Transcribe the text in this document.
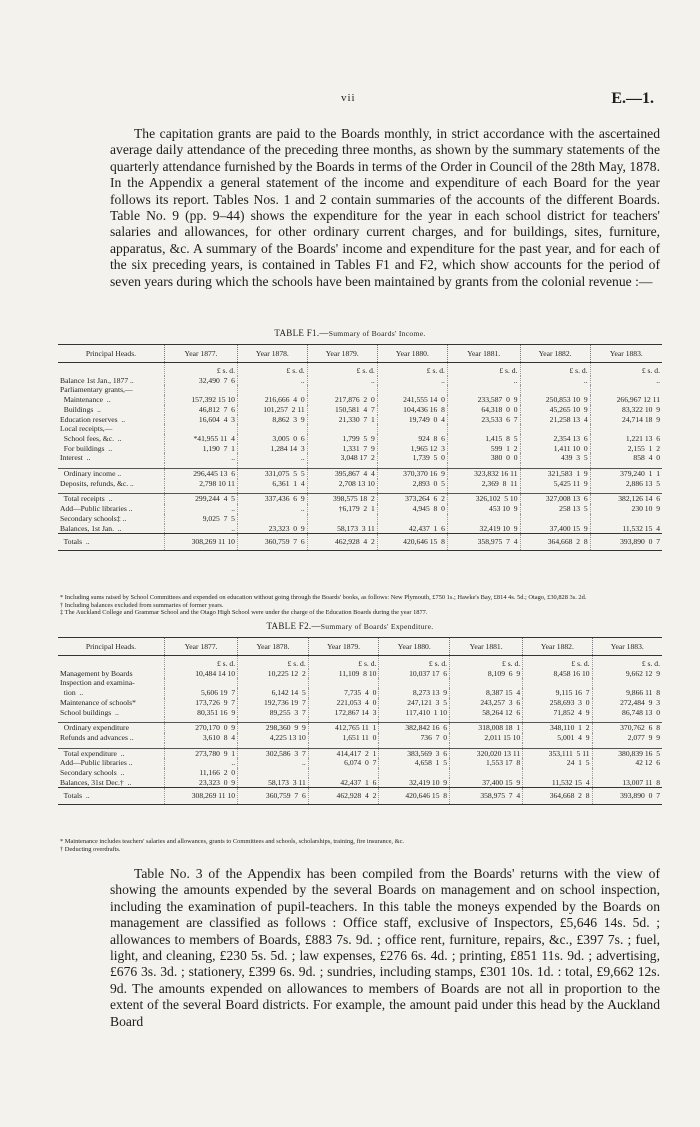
vii	E.—1.

The capitation grants are paid to the Boards monthly, in strict accordance with the ascertained average daily attendance of the preceding three months, as shown by the summary statements of the quarterly attendance furnished by the Boards in terms of the Order in Council of the 28th May, 1878. In the Appendix a general statement of the income and expenditure of each Board for the year follows its report. Tables Nos. 1 and 2 contain summaries of the accounts of the different Boards. Table No. 9 (pp. 9–44) shows the expenditure for the year in each school district for teachers' salaries and allowances, for other ordinary current charges, and for buildings, sites, furniture, apparatus, &c. A summary of the Boards' income and expenditure for the past year, and for each of the six preceding years, is contained in Tables F1 and F2, which show accounts for the period of seven years during which the schools have been maintained by grants from the colonial revenue :—

TABLE F1.—Summary of Boards' Income.
Principal Heads.	Year 1877.	Year 1878.	Year 1879.	Year 1880.	Year 1881.	Year 1882.	Year 1883.
	£ s. d.	£ s. d.	£ s. d.	£ s. d.	£ s. d.	£ s. d.	£ s. d.
Balance 1st Jan., 1877 ..	32,490  7  6	..	..	..	..	..	..
Parliamentary grants,—							
Maintenance  ..	157,392 15 10	216,666  4  0	217,876  2  0	241,555 14  0	233,587  0  9	250,853 10  9	266,967 12 11
Buildings  ..	46,812  7  6	101,257  2 11	150,581  4  7	104,436 16  8	64,318  0  0	45,265 10  9	83,322 10  9
Education reserves  ..	16,604  4  3	8,862  3  9	21,330  7  1	19,749  0  4	23,533  6  7	21,258 13  4	24,714 18  9
Local receipts,—							
School fees, &c.  ..	*41,955 11  4	3,005  0  6	1,799  5  9	924  8  6	1,415  8  5	2,354 13  6	1,221 13  6
For buildings  ..	1,190  7  1	1,284 14  3	1,331  7  9	1,965 12  3	599  1  2	1,411 10  0	2,155  1  2
Interest  ..	..	..	3,048 17  2	1,739  5  0	380  0  0	439  3  5	858  4  0

Ordinary income ..	296,445 13  6	331,075  5  5	395,867  4  4	370,370 16  9	323,832 16 11	321,583  1  9	379,240  1  1
Deposits, refunds, &c. ..	2,798 10 11	6,361  1  4	2,708 13 10	2,893  0  5	2,369  8  11	5,425 11  9	2,886 13  5

Total receipts  ..	299,244  4  5	337,436  6  9	398,575 18  2	373,264  6  2	326,102  5 10	327,008 13  6	382,126 14  6
Add—Public libraries ..	..	..	†6,179  2  1	4,945  8  0	453 10  9	258 13  5	230 10  9
Secondary schools‡ ..	9,025  7  5						
Balances, 1st Jan.  ..	..	23,323  0  9	58,173  3 11	42,437  1  6	32,419 10  9	37,400 15  9	11,532 15  4
Totals  ..	308,269 11 10	360,759  7  6	462,928  4  2	420,646 15  8	358,975  7  4	364,668  2  8	393,890  0  7
* Including sums raised by School Committees and expended on education without going through the Boards' books, as follows: New Plymouth, £750 1s.; Hawke's Bay, £814 4s. 5d.; Otago, £30,828 3s. 2d.
† Including balances excluded from summaries of former years.
‡ The Auckland College and Grammar School and the Otago High School were under the charge of the Education Boards during the year 1877.
TABLE F2.—Summary of Boards' Expenditure.
Principal Heads.	Year 1877.	Year 1878.	Year 1879.	Year 1880.	Year 1881.	Year 1882.	Year 1883.
	£ s. d.	£ s. d.	£ s. d.	£ s. d.	£ s. d.	£ s. d.	£ s. d.
Management by Boards	10,484 14 10	10,225 12  2	11,109  8 10	10,037 17  6	8,109  6  9	8,458 16 10	9,662 12  9
Inspection and examina-							
tion  ..	5,606 19  7	6,142 14  5	7,735  4  0	8,273 13  9	8,387 15  4	9,115 16  7	9,866 11  8
Maintenance of schools*	173,726  9  7	192,736 19  7	221,053  4  0	247,121  3  5	243,257  3  6	258,693  3  0	272,484  9  3
School buildings  ..	80,351 16  9	89,255  3  7	172,867 14  3	117,410  1 10	58,264 12  6	71,852  4  9	86,748 13  0

Ordinary expenditure	270,170  0  9	298,360  9  9	412,765 11  1	382,842 16  6	318,008 18  1	348,110  1  2	370,762  6  8
Refunds and advances ..	3,610  8  4	4,225 13 10	1,651 11  0	736  7  0	2,011 15 10	5,001  4  9	2,077  9  9

Total expenditure  ..	273,780  9  1	302,586  3  7	414,417  2  1	383,569  3  6	320,020 13 11	353,111  5 11	380,839 16  5
Add—Public libraries ..	..	..	6,074  0  7	4,658  1  5	1,553 17  8	24  1  5	42 12  6
Secondary schools  ..	11,166  2  0						
Balances, 31st Dec.†  ..	23,323  0  9	58,173  3 11	42,437  1  6	32,419 10  9	37,400 15  9	11,532 15  4	13,007 11  8
Totals  ..	308,269 11 10	360,759  7  6	462,928  4  2	420,646 15  8	358,975  7  4	364,668  2  8	393,890  0  7
* Maintenance includes teachers' salaries and allowances, grants to Committees and schools, scholarships, training, fire insurance, &c.
† Deducting overdrafts.

Table No. 3 of the Appendix has been compiled from the Boards' returns with the view of showing the amounts expended by the several Boards on management and on school inspection, including the examination of pupil-teachers. In this table the moneys expended by the Boards on management are classified as follows : Office staff, exclusive of Inspectors, £5,646 14s. 5d. ; allowances to members of Boards, £883 7s. 9d. ; office rent, furniture, repairs, &c., £397 7s. ; fuel, light, and cleaning, £230 5s. 5d. ; law expenses, £276 6s. 4d. ; printing, £851 11s. 9d. ; advertising, £676 3s. 3d. ; stationery, £399 6s. 9d. ; sundries, including stamps, £301 10s. 1d. : total, £9,662 12s. 9d. The amounts expended on allowances to members of Boards are not all in proportion to the extent of the several Board districts. For example, the amount paid under this head by the Auckland Board
